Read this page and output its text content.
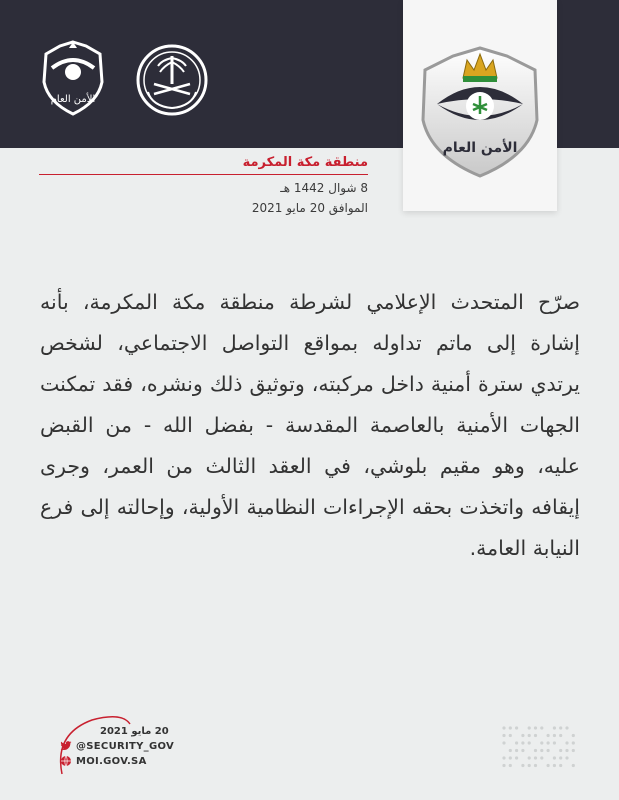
الأمن العام
الأمن العام
منطقة مكة المكرمة
8 شوال 1442 هـ
الموافق 20 مايو 2021
صرّح المتحدث الإعلامي لشرطة منطقة مكة المكرمة، بأنه إشارة إلى ماتم تداوله بمواقع التواصل الاجتماعي، لشخص يرتدي سترة أمنية داخل مركبته، وتوثيق ذلك ونشره، فقد تمكنت الجهات الأمنية بالعاصمة المقدسة - بفضل الله - من القبض عليه، وهو مقيم بلوشي، في العقد الثالث من العمر، وجرى إيقافه واتخذت بحقه الإجراءات النظامية الأولية، وإحالته إلى فرع النيابة العامة.
20 مايو 2021
@SECURITY_GOV
MOI.GOV.SA
